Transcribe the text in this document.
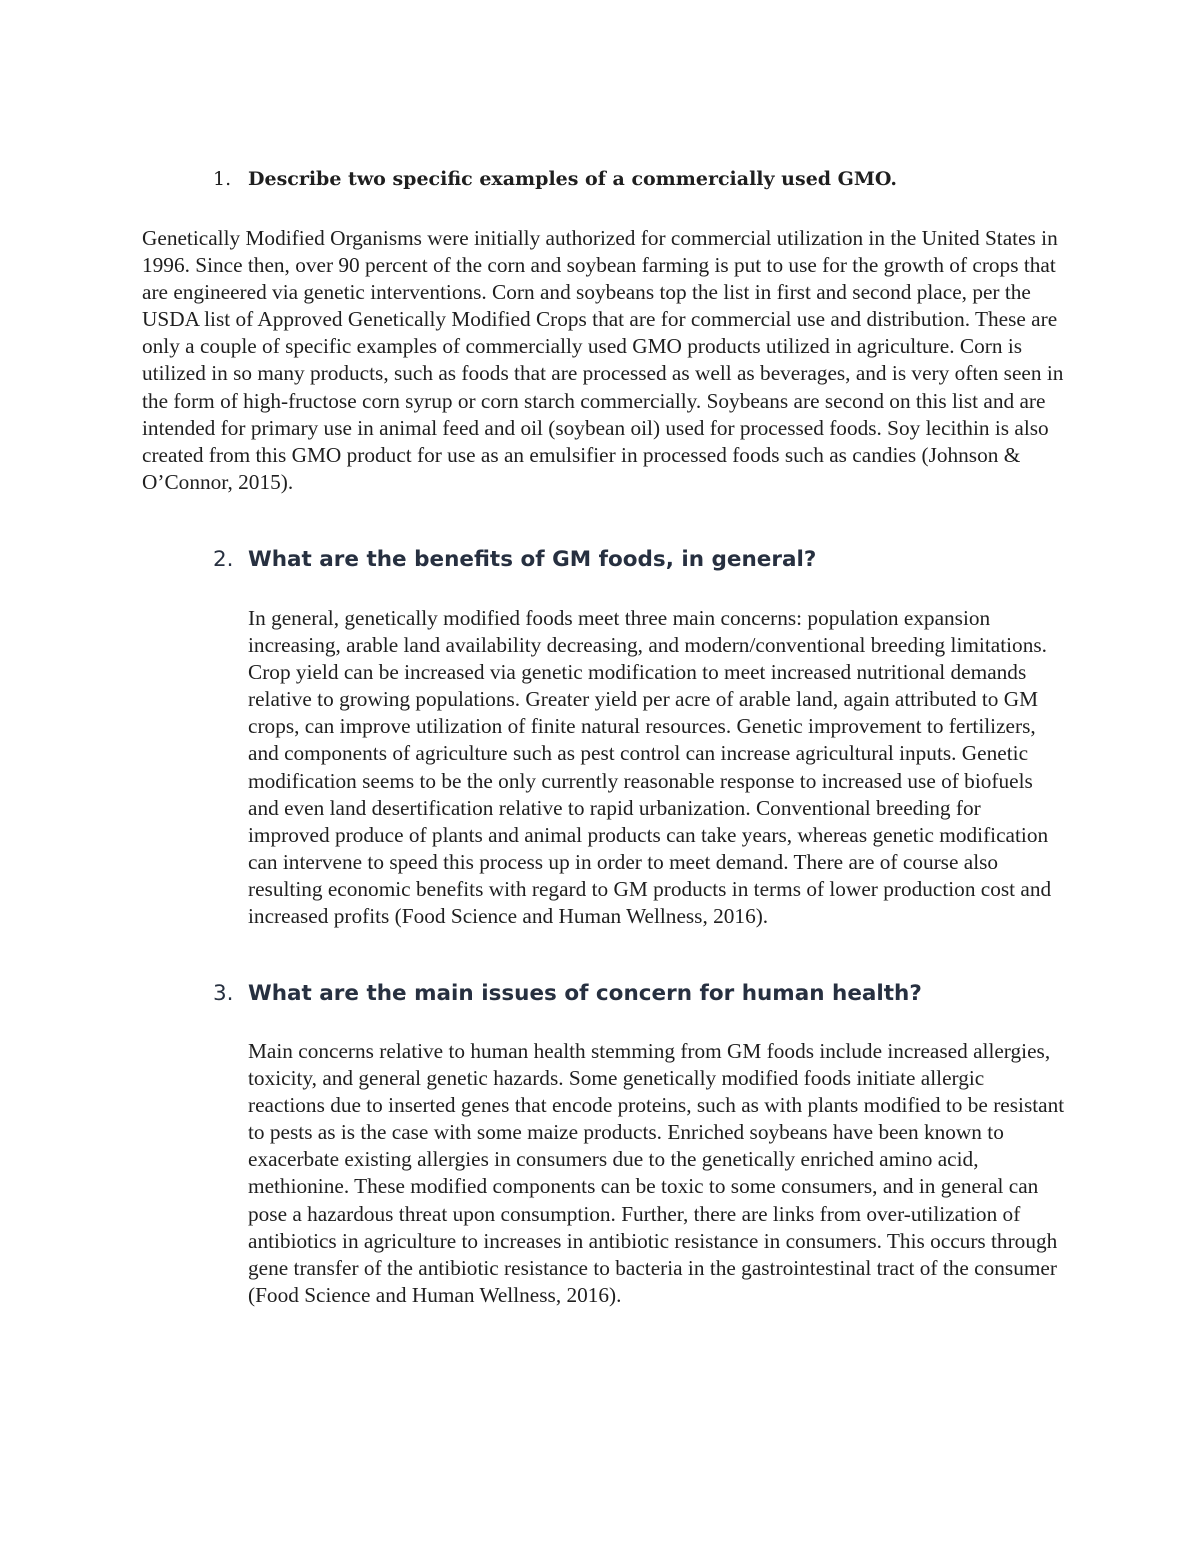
1. Describe two specific examples of a commercially used GMO.

Genetically Modified Organisms were initially authorized for commercial utilization in the United States in 1996. Since then, over 90 percent of the corn and soybean farming is put to use for the growth of crops that are engineered via genetic interventions. Corn and soybeans top the list in first and second place, per the USDA list of Approved Genetically Modified Crops that are for commercial use and distribution. These are only a couple of specific examples of commercially used GMO products utilized in agriculture. Corn is utilized in so many products, such as foods that are processed as well as beverages, and is very often seen in the form of high-fructose corn syrup or corn starch commercially. Soybeans are second on this list and are intended for primary use in animal feed and oil (soybean oil) used for processed foods. Soy lecithin is also created from this GMO product for use as an emulsifier in processed foods such as candies (Johnson & O’Connor, 2015).

2. What are the benefits of GM foods, in general?

In general, genetically modified foods meet three main concerns: population expansion increasing, arable land availability decreasing, and modern/conventional breeding limitations. Crop yield can be increased via genetic modification to meet increased nutritional demands relative to growing populations. Greater yield per acre of arable land, again attributed to GM crops, can improve utilization of finite natural resources. Genetic improvement to fertilizers, and components of agriculture such as pest control can increase agricultural inputs. Genetic modification seems to be the only currently reasonable response to increased use of biofuels and even land desertification relative to rapid urbanization. Conventional breeding for improved produce of plants and animal products can take years, whereas genetic modification can intervene to speed this process up in order to meet demand. There are of course also resulting economic benefits with regard to GM products in terms of lower production cost and increased profits (Food Science and Human Wellness, 2016).

3. What are the main issues of concern for human health?

Main concerns relative to human health stemming from GM foods include increased allergies, toxicity, and general genetic hazards. Some genetically modified foods initiate allergic reactions due to inserted genes that encode proteins, such as with plants modified to be resistant to pests as is the case with some maize products. Enriched soybeans have been known to exacerbate existing allergies in consumers due to the genetically enriched amino acid, methionine. These modified components can be toxic to some consumers, and in general can pose a hazardous threat upon consumption. Further, there are links from over-utilization of antibiotics in agriculture to increases in antibiotic resistance in consumers. This occurs through gene transfer of the antibiotic resistance to bacteria in the gastrointestinal tract of the consumer (Food Science and Human Wellness, 2016).
